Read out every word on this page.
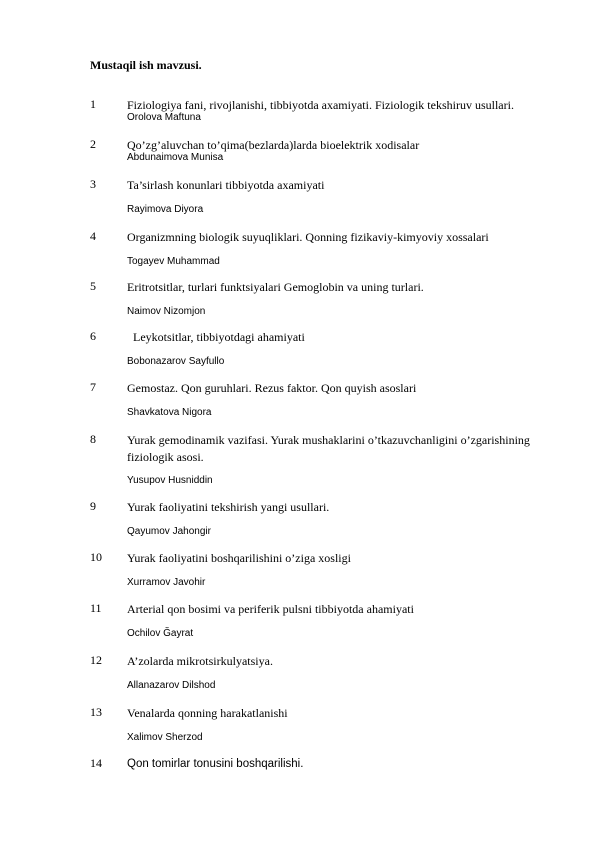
Mustaqil ish mavzusi.
1	Fiziologiya fani, rivojlanishi, tibbiyotda axamiyati. Fiziologik tekshiruv usullari.
Orolova Maftuna
2	Qo’zg’aluvchan to’qima(bezlarda)larda bioelektrik xodisalar
Abdunaimova Munisa
3	Ta’sirlash konunlari tibbiyotda axamiyati
Rayimova Diyora
4	Organizmning biologik suyuqliklari. Qonning fizikaviy-kimyoviy xossalari
Togayev Muhammad
5	Eritrotsitlar, turlari funktsiyalari Gemoglobin va uning turlari.
Naimov Nizomjon
6	Leykotsitlar, tibbiyotdagi ahamiyati
Bobonazarov Sayfullo
7	Gemostaz. Qon guruhlari. Rezus faktor. Qon quyish asoslari
Shavkatova Nigora
8	Yurak gemodinamik vazifasi. Yurak mushaklarini o’tkazuvchanligini o’zgarishining fiziologik asosi.
Yusupov Husniddin
9	Yurak faoliyatini tekshirish yangi usullari.
Qayumov Jahongir
10 Yurak faoliyatini boshqarilishini o’ziga xosligi
Xurramov Javohir
11 Arterial qon bosimi va periferik pulsni tibbiyotda ahamiyati
Ochilov Ğayrat
12 A’zolarda mikrotsirkulyatsiya.
Allanazarov Dilshod
13 Venalarda qonning harakatlanishi
Xalimov Sherzod
14 Qon tomirlar tonusini boshqarilishi.
